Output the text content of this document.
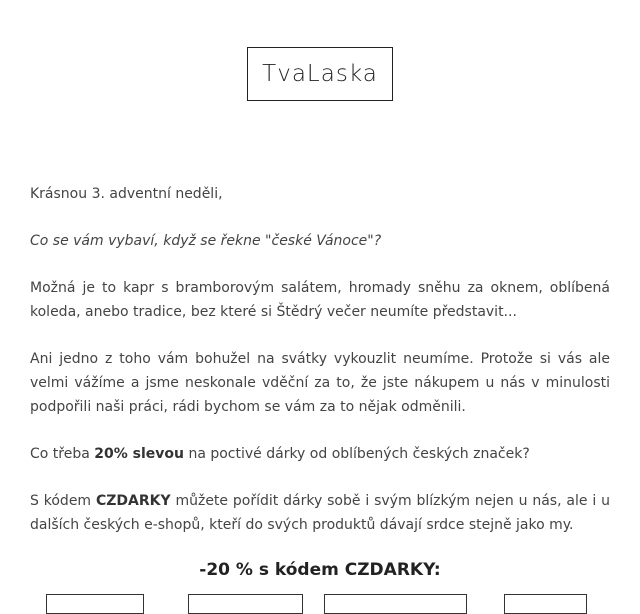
TvaLaska

Krásnou 3. adventní neděli,

Co se vám vybaví, když se řekne "české Vánoce"?

Možná je to kapr s bramborovým salátem, hromady sněhu za oknem, oblíbená koleda, anebo tradice, bez které si Štědrý večer neumíte představit...

Ani jedno z toho vám bohužel na svátky vykouzlit neumíme. Protože si vás ale velmi vážíme a jsme neskonale vděční za to, že jste nákupem u nás v minulosti podpořili naši práci, rádi bychom se vám za to nějak odměnili.

Co třeba 20% slevou na poctivé dárky od oblíbených českých značek?

S kódem CZDARKY můžete pořídit dárky sobě i svým blízkým nejen u nás, ale i u dalších českých e-shopů, kteří do svých produktů dávají srdce stejně jako my.

-20 % s kódem CZDARKY:
